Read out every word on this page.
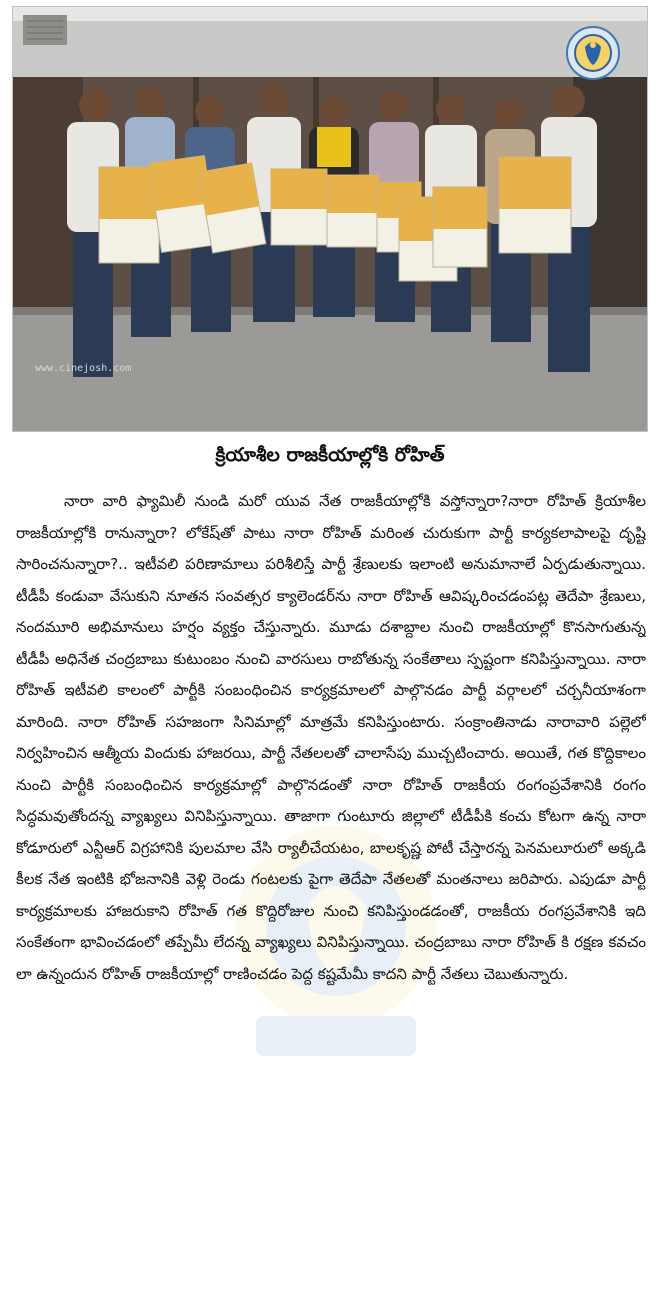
www.cinejosh.com
క్రియాశీల రాజకీయాల్లోకి రోహిత్

నారా వారి ఫ్యామిలీ నుండి మరో యువ నేత రాజకీయాల్లోకి వస్తోన్నారా?నారా రోహిత్ క్రియాశీల రాజకీయాల్లోకి రానున్నారా? లోకేష్‌తో పాటు నారా రోహిత్ మరింత చురుకుగా పార్టీ కార్యకలాపాలపై దృష్టి సారించనున్నారా?.. ఇటీవలి పరిణామాలు పరిశీలిస్తే పార్టీ శ్రేణులకు ఇలాంటి అనుమానాలే ఏర్పడుతున్నాయి. టీడీపీ కండువా వేసుకుని నూతన సంవత్సర క్యాలెండర్‌ను నారా రోహిత్ ఆవిష్కరించడంపట్ల తెదేపా శ్రేణులు, నందమూరి అభిమానులు హర్షం వ్యక్తం చేస్తున్నారు. మూడు దశాబ్దాల నుంచి రాజకీయాల్లో కొనసాగుతున్న టీడీపీ అధినేత చంద్రబాబు కుటుంబం నుంచి వారసులు రాబోతున్న సంకేతాలు స్పష్టంగా కనిపిస్తున్నాయి. నారా రోహిత్ ఇటీవలి కాలంలో పార్టీకి సంబంధించిన కార్యక్రమాలలో పాల్గొనడం పార్టీ వర్గాలలో చర్చనీయాశంగా మారింది. నారా రోహిత్ సహజంగా సినిమాల్లో మాత్రమే కనిపిస్తుంటారు. సంక్రాంతినాడు నారావారి పల్లెలో నిర్వహించిన ఆత్మీయ విందుకు హాజరయి, పార్టీ నేతలలతో చాలాసేపు ముచ్చటించారు. అయితే, గత కొద్దికాలం నుంచి పార్టీకి సంబంధించిన కార్యక్రమాల్లో పాల్గొనడంతో నారా రోహిత్ రాజకీయ రంగంప్రవేశానికి రంగం సిద్ధమవుతోందన్న వ్యాఖ్యలు వినిపిస్తున్నాయి. తాజాగా గుంటూరు జిల్లాలో టీడీపీకి కంచు కోటగా ఉన్న నారా కోడూరులో ఎన్టీఆర్ విగ్రహానికి పులమాల వేసి ర్యాలీచేయటం, బాలకృష్ణ పోటీ చేస్తారన్న పెనమలూరులో అక్కడి కీలక నేత ఇంటికి భోజనానికి వెళ్లి రెండు గంటలకు పైగా తెదేపా నేతలతో మంతనాలు జరిపారు. ఎపుడూ పార్టీ కార్యక్రమాలకు హాజరుకాని రోహిత్ గత కొద్దిరోజుల నుంచి కనిపిస్తుండడంతో, రాజకీయ రంగప్రవేశానికి ఇది సంకేతంగా భావించడంలో తప్పేమీ లేదన్న వ్యాఖ్యలు వినిపిస్తున్నాయి. చంద్రబాబు నారా రోహిత్ కి రక్షణ కవచం లా ఉన్నందున రోహిత్ రాజకీయాల్లో రాణించడం పెద్ద కష్టమేమీ కాదని పార్టీ నేతలు చెబుతున్నారు.
